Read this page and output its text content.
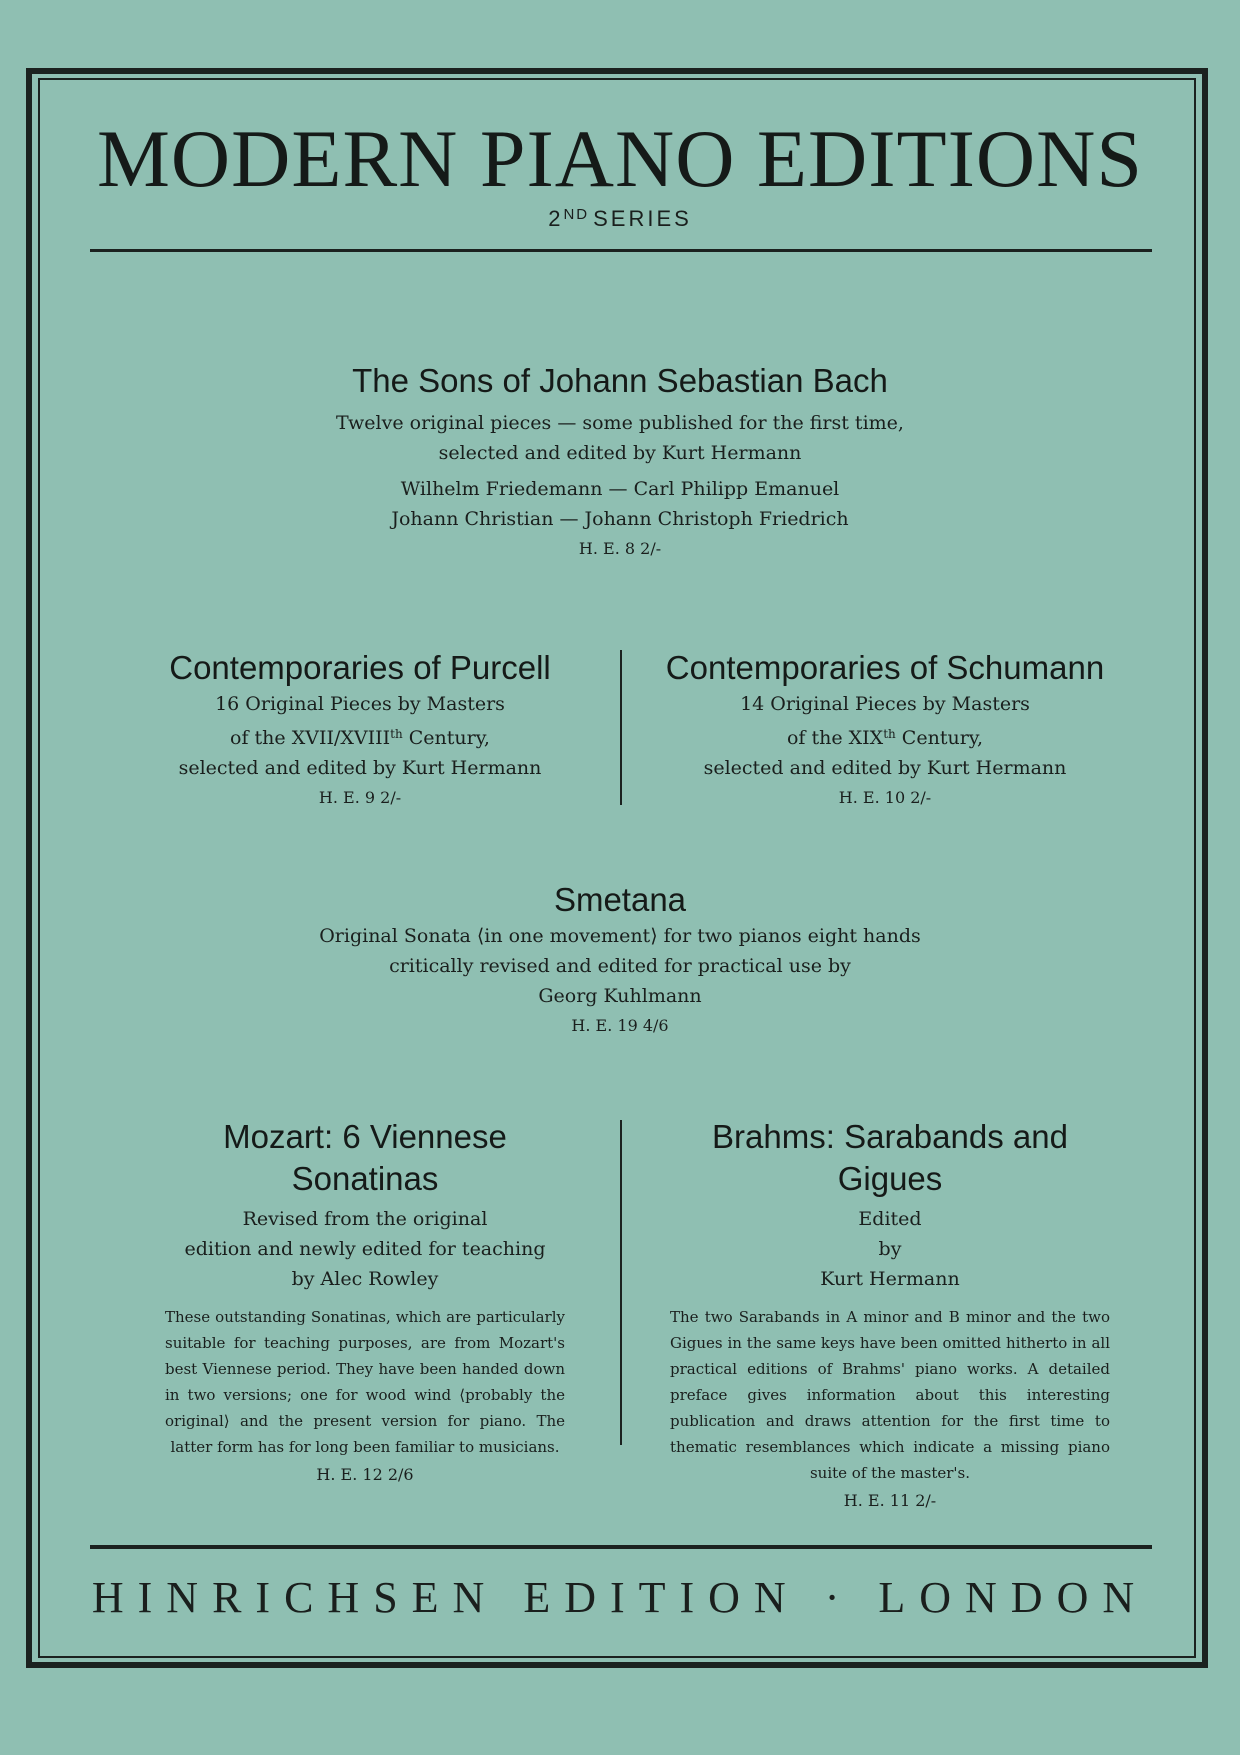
MODERN PIANO EDITIONS
2ND SERIES
The Sons of Johann Sebastian Bach
Twelve original pieces — some published for the first time,
selected and edited by Kurt Hermann
Wilhelm Friedemann — Carl Philipp Emanuel
Johann Christian — Johann Christoph Friedrich
H. E. 8 2/-
Contemporaries of Purcell
16 Original Pieces by Masters
of the XVII/XVIIIth Century,
selected and edited by Kurt Hermann
H. E. 9 2/-
Contemporaries of Schumann
14 Original Pieces by Masters
of the XIXth Century,
selected and edited by Kurt Hermann
H. E. 10 2/-
Smetana
Original Sonata ⟨in one movement⟩ for two pianos eight hands
critically revised and edited for practical use by
Georg Kuhlmann
H. E. 19 4/6
Mozart: 6 Viennese Sonatinas
Revised from the original
edition and newly edited for teaching
by Alec Rowley
These outstanding Sonatinas, which are particularly suitable for teaching purposes, are from Mozart's best Viennese period. They have been handed down in two versions; one for wood wind ⟨probably the original⟩ and the present version for piano. The latter form has for long been familiar to musicians.
H. E. 12 2/6
Brahms: Sarabands and Gigues
Edited
by
Kurt Hermann
The two Sarabands in A minor and B minor and the two Gigues in the same keys have been omitted hitherto in all practical editions of Brahms' piano works. A detailed preface gives information about this interesting publication and draws attention for the first time to thematic resemblances which indicate a missing piano suite of the master's.
H. E. 11 2/-
HINRICHSEN EDITION · LONDON
